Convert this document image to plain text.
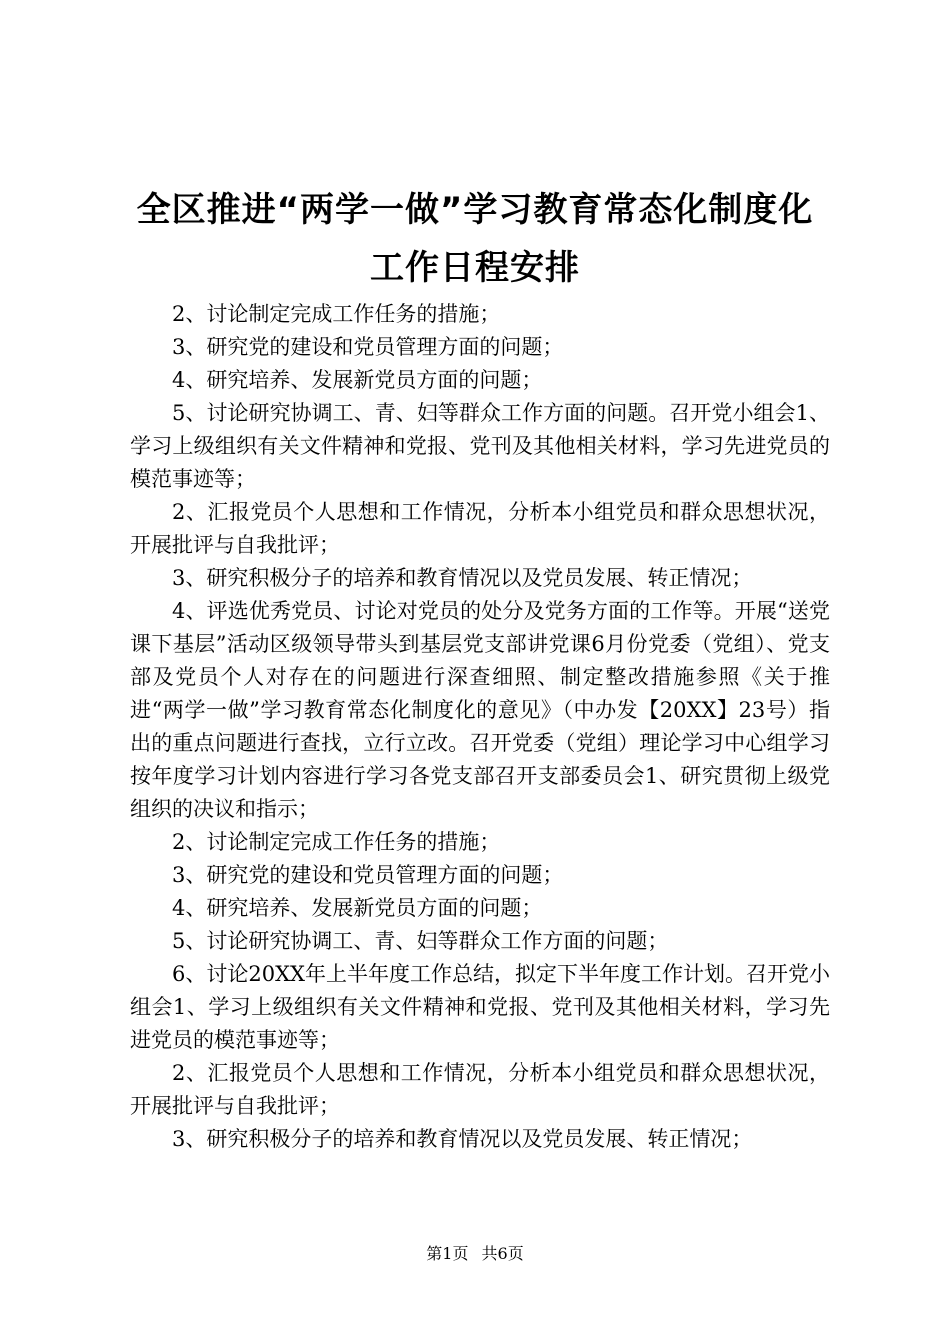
全区推进“两学一做”学习教育常态化制度化
工作日程安排

2、讨论制定完成工作任务的措施；

3、研究党的建设和党员管理方面的问题；

4、研究培养、发展新党员方面的问题；

5、讨论研究协调工、青、妇等群众工作方面的问题。召开党小组会1、学习上级组织有关文件精神和党报、党刊及其他相关材料，学习先进党员的模范事迹等；

2、汇报党员个人思想和工作情况，分析本小组党员和群众思想状况，开展批评与自我批评；

3、研究积极分子的培养和教育情况以及党员发展、转正情况；

4、评选优秀党员、讨论对党员的处分及党务方面的工作等。开展“送党课下基层”活动区级领导带头到基层党支部讲党课6月份党委（党组）、党支部及党员个人对存在的问题进行深查细照、制定整改措施参照《关于推进“两学一做”学习教育常态化制度化的意见》（中办发【20XX】23号）指出的重点问题进行查找，立行立改。召开党委（党组）理论学习中心组学习按年度学习计划内容进行学习各党支部召开支部委员会1、研究贯彻上级党组织的决议和指示；

2、讨论制定完成工作任务的措施；

3、研究党的建设和党员管理方面的问题；

4、研究培养、发展新党员方面的问题；

5、讨论研究协调工、青、妇等群众工作方面的问题；

6、讨论20XX年上半年度工作总结，拟定下半年度工作计划。召开党小组会1、学习上级组织有关文件精神和党报、党刊及其他相关材料，学习先进党员的模范事迹等；

2、汇报党员个人思想和工作情况，分析本小组党员和群众思想状况，开展批评与自我批评；

3、研究积极分子的培养和教育情况以及党员发展、转正情况；

第1页 共6页
